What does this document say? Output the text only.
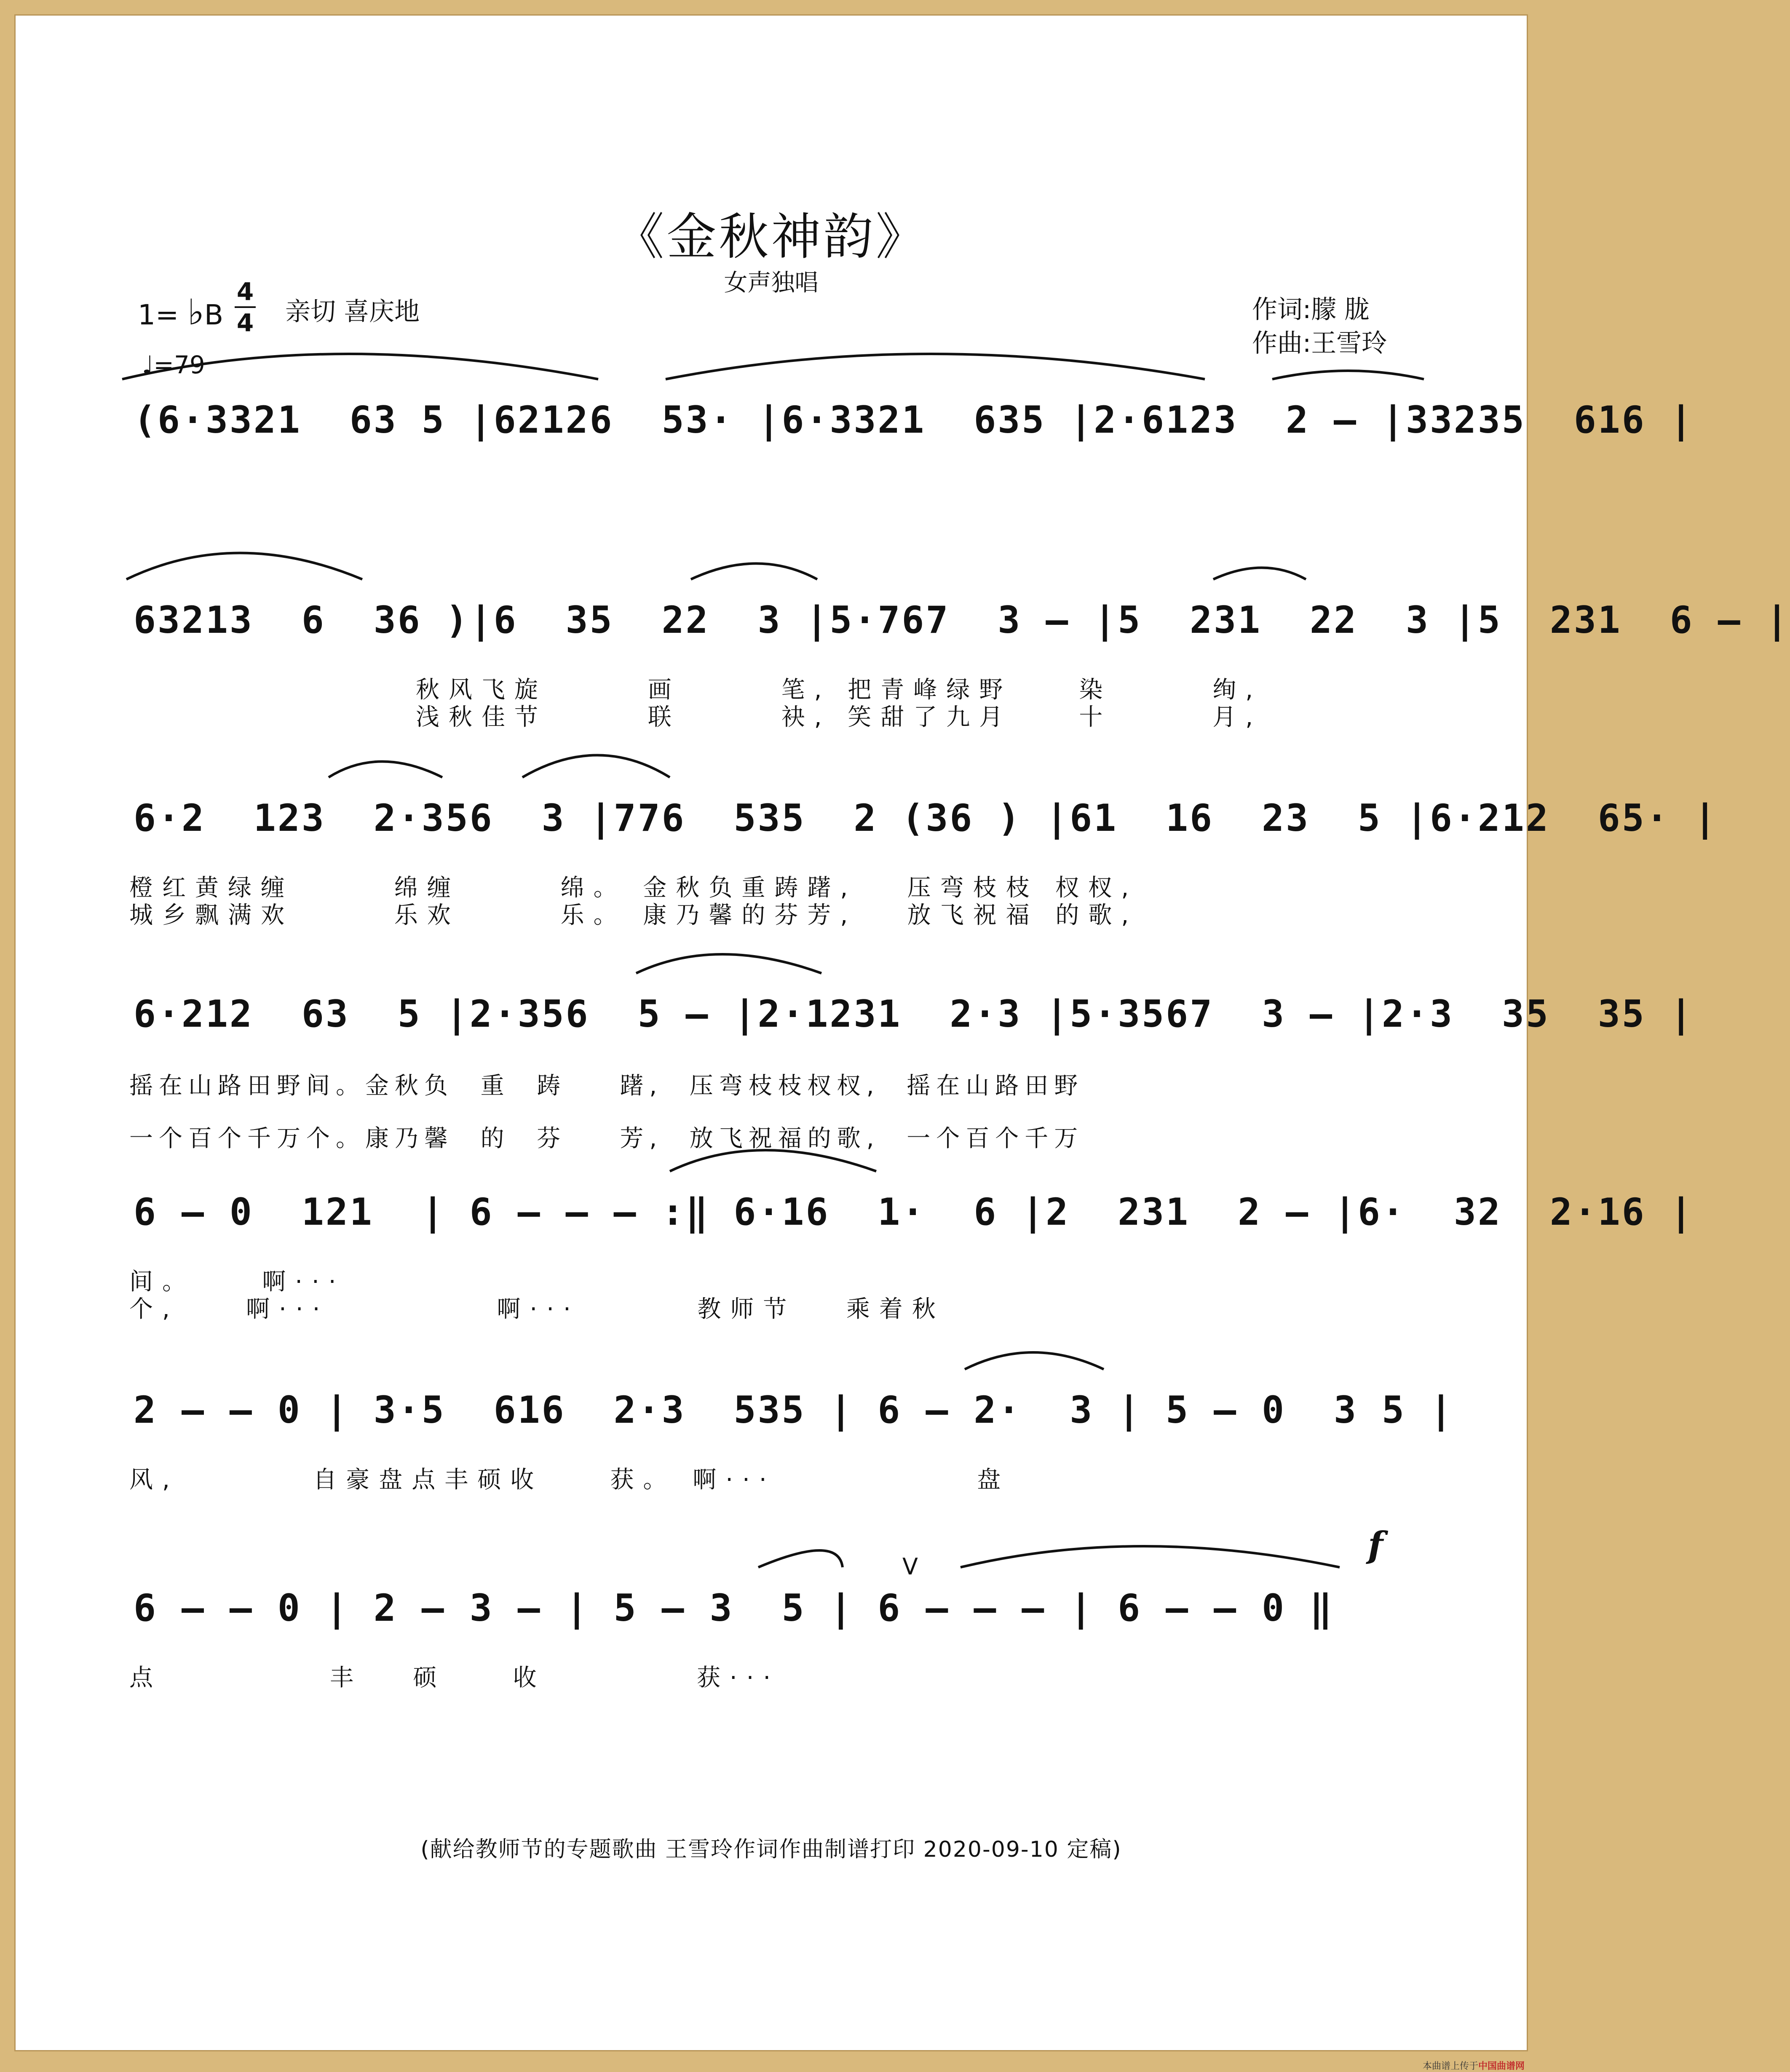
《金秋神韵》
女声独唱
1= ♭B
4
4 亲切 喜庆地
♩=79
作词:朦 胧
作曲:王雪玲
(6·3321  63 5 |62126  53· |6·3321  635 |2·6123  2 – |33235  616 |
63213  6  36 )|6  35  22  3 |5·767  3 – |5  231  22  3 |5  231  6 – |
秋风飞旋      画      笔, 把青峰绿野    染      绚,
浅秋佳节      联      袂, 笑甜了九月    十      月,
6·2  123  2·356  3 |776  535  2 (36 ) |61  16  23  5 |6·212  65· |
橙红黄绿缠      绵缠      绵。 金秋负重踌躇,   压弯枝枝 杈杈,
城乡飘满欢      乐欢      乐。 康乃馨的芬芳,   放飞祝福 的歌,
6·212  63  5 |2·356  5 – |2·1231  2·3 |5·3567  3 – |2·3  35  35 |
摇在山路田野间。金秋负  重  踌    躇,  压弯枝枝杈杈,  摇在山路田野
一个百个千万个。康乃馨  的  芬    芳,  放飞祝福的歌,  一个百个千万
6 – 0  121  | 6 – – – :‖ 6·16  1·  6 |2  231  2 – |6·  32  2·16 |
间。    啊···
个,    啊···          啊···       教师节   乘着秋
2 – – 0 | 3·5  616  2·3  535 | 6 – 2·  3 | 5 – 0  3 5 |
风,        自豪盘点丰硕收    获。 啊···            盘
6 – – 0 | 2 – 3 – | 5 – 3  5 | 6 – – – | 6 – – 0 ‖
点          丰   硕    收         获···
f
V
(献给教师节的专题歌曲 王雪玲作词作曲制谱打印 2020-09-10 定稿)
本曲谱上传于中国曲谱网
